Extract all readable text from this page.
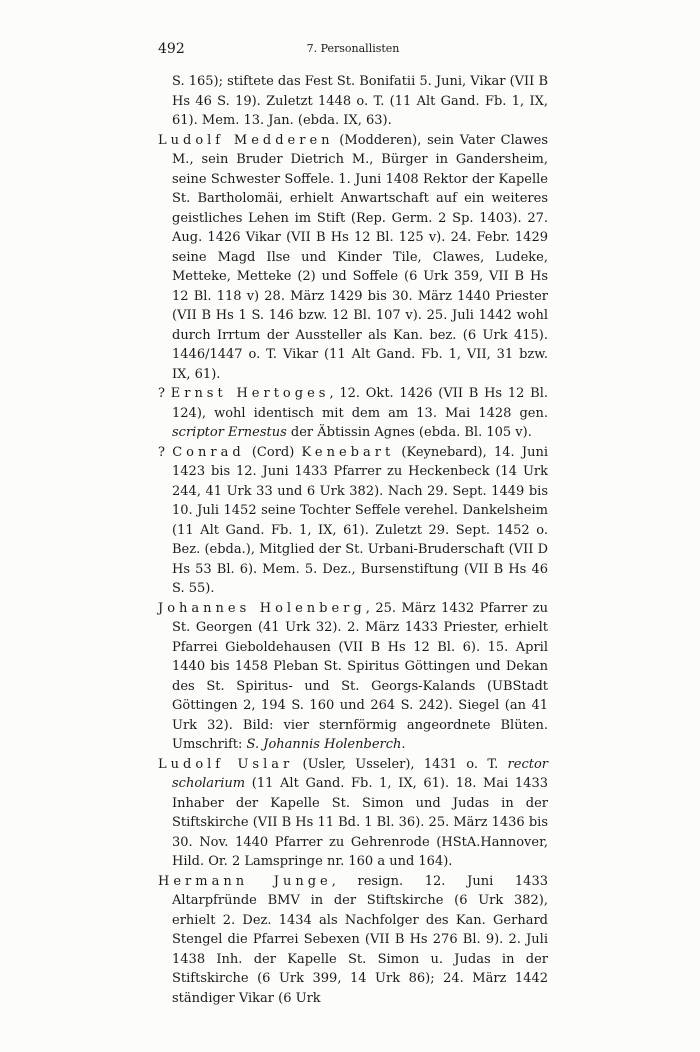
492	7. Personallisten

S. 165); stiftete das Fest St. Bonifatii 5. Juni, Vikar (VII B Hs 46 S. 19). Zuletzt 1448 o. T. (11 Alt Gand. Fb. 1, IX, 61). Mem. 13. Jan. (ebda. IX, 63).

Ludolf Medderen (Modderen), sein Vater Clawes M., sein Bruder Dietrich M., Bürger in Gandersheim, seine Schwester Soffele. 1. Juni 1408 Rektor der Kapelle St. Bartholomäi, erhielt Anwartschaft auf ein weiteres geistliches Lehen im Stift (Rep. Germ. 2 Sp. 1403). 27. Aug. 1426 Vikar (VII B Hs 12 Bl. 125 v). 24. Febr. 1429 seine Magd Ilse und Kinder Tile, Clawes, Ludeke, Metteke, Metteke (2) und Soffele (6 Urk 359, VII B Hs 12 Bl. 118 v) 28. März 1429 bis 30. März 1440 Priester (VII B Hs 1 S. 146 bzw. 12 Bl. 107 v). 25. Juli 1442 wohl durch Irrtum der Aussteller als Kan. bez. (6 Urk 415). 1446/1447 o. T. Vikar (11 Alt Gand. Fb. 1, VII, 31 bzw. IX, 61).

? Ernst Hertoges, 12. Okt. 1426 (VII B Hs 12 Bl. 124), wohl identisch mit dem am 13. Mai 1428 gen. scriptor Ernestus der Äbtissin Agnes (ebda. Bl. 105 v).

? Conrad (Cord) Kenebart (Keynebard), 14. Juni 1423 bis 12. Juni 1433 Pfarrer zu Heckenbeck (14 Urk 244, 41 Urk 33 und 6 Urk 382). Nach 29. Sept. 1449 bis 10. Juli 1452 seine Tochter Seffele verehel. Dankelsheim (11 Alt Gand. Fb. 1, IX, 61). Zuletzt 29. Sept. 1452 o. Bez. (ebda.), Mitglied der St. Urbani-Bruderschaft (VII D Hs 53 Bl. 6). Mem. 5. Dez., Bursenstiftung (VII B Hs 46 S. 55).

Johannes Holenberg, 25. März 1432 Pfarrer zu St. Georgen (41 Urk 32). 2. März 1433 Priester, erhielt Pfarrei Gieboldehausen (VII B Hs 12 Bl. 6). 15. April 1440 bis 1458 Pleban St. Spiritus Göttingen und Dekan des St. Spiritus- und St. Georgs-Kalands (UBStadt Göttingen 2, 194 S. 160 und 264 S. 242). Siegel (an 41 Urk 32). Bild: vier sternförmig angeordnete Blüten. Umschrift: S. Johannis Holenberch.

Ludolf Uslar (Usler, Usseler), 1431 o. T. rector scholarium (11 Alt Gand. Fb. 1, IX, 61). 18. Mai 1433 Inhaber der Kapelle St. Simon und Judas in der Stiftskirche (VII B Hs 11 Bd. 1 Bl. 36). 25. März 1436 bis 30. Nov. 1440 Pfarrer zu Gehrenrode (HStA.Hannover, Hild. Or. 2 Lamspringe nr. 160 a und 164).

Hermann Junge, resign. 12. Juni 1433 Altarpfründe BMV in der Stiftskirche (6 Urk 382), erhielt 2. Dez. 1434 als Nachfolger des Kan. Gerhard Stengel die Pfarrei Sebexen (VII B Hs 276 Bl. 9). 2. Juli 1438 Inh. der Kapelle St. Simon u. Judas in der Stiftskirche (6 Urk 399, 14 Urk 86); 24. März 1442 ständiger Vikar (6 Urk
